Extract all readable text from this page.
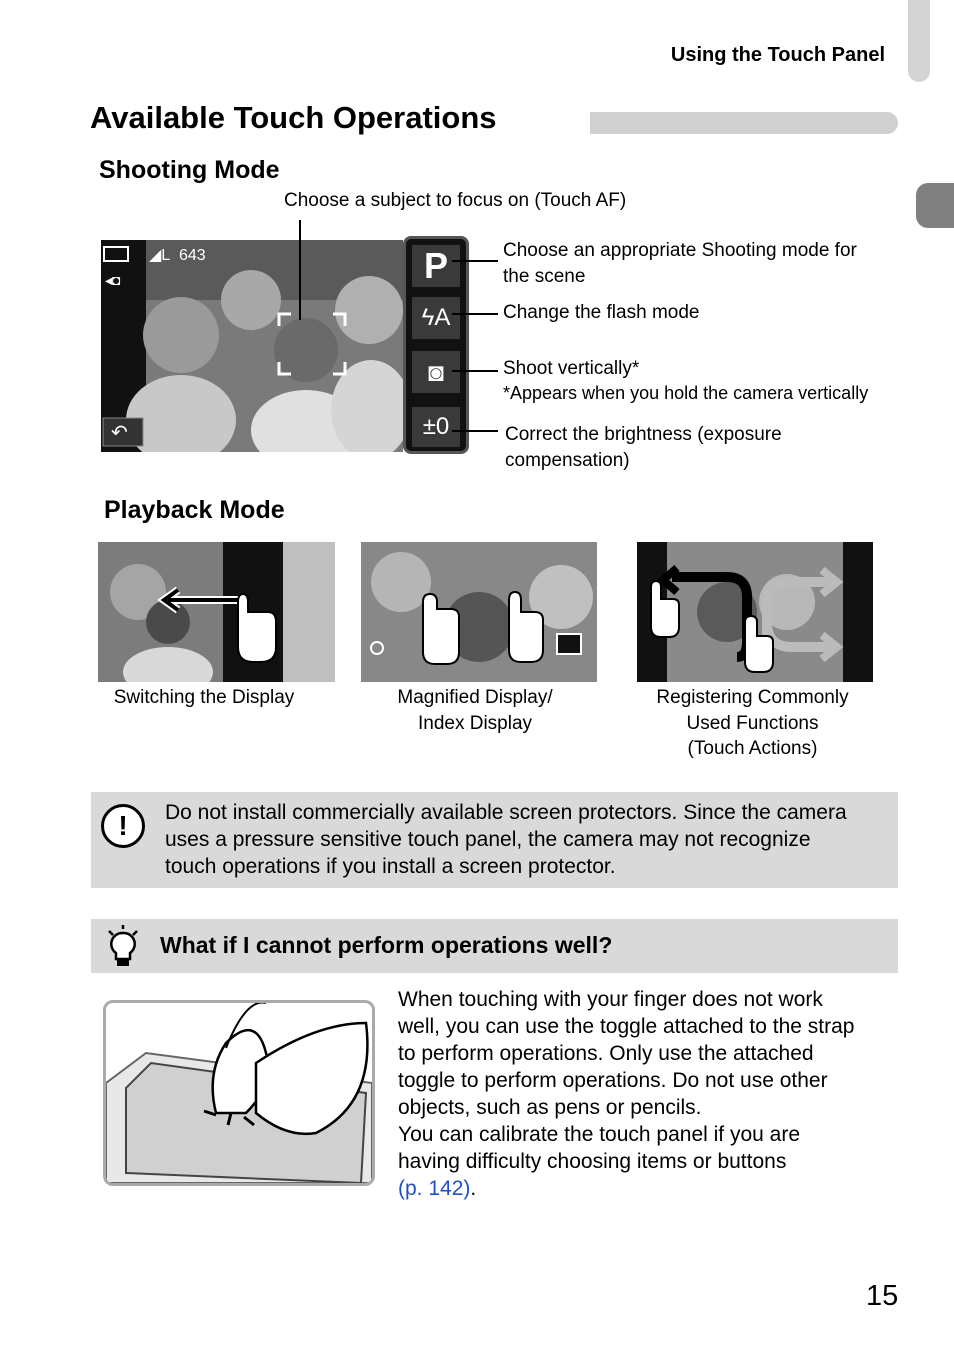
Using the Touch Panel
Available Touch Operations
Shooting Mode
Choose a subject to focus on (Touch AF)
◢L 643
◂◘
↶
P
ϟA
◙
±0
Choose an appropriate Shooting mode for
the scene
Change the flash mode
Shoot vertically*
*Appears when you hold the camera vertically
Correct the brightness (exposure
compensation)
Playback Mode
Switching the Display	Magnified Display/
Index Display
Registering Commonly
Used Functions
(Touch Actions)
!	Do not install commercially available screen protectors. Since the camera
uses a pressure sensitive touch panel, the camera may not recognize
touch operations if you install a screen protector.
What if I cannot perform operations well?
When touching with your finger does not work
well, you can use the toggle attached to the strap
to perform operations. Only use the attached
toggle to perform operations. Do not use other
objects, such as pens or pencils.
You can calibrate the touch panel if you are
having difficulty choosing items or buttons
(p. 142).
15
